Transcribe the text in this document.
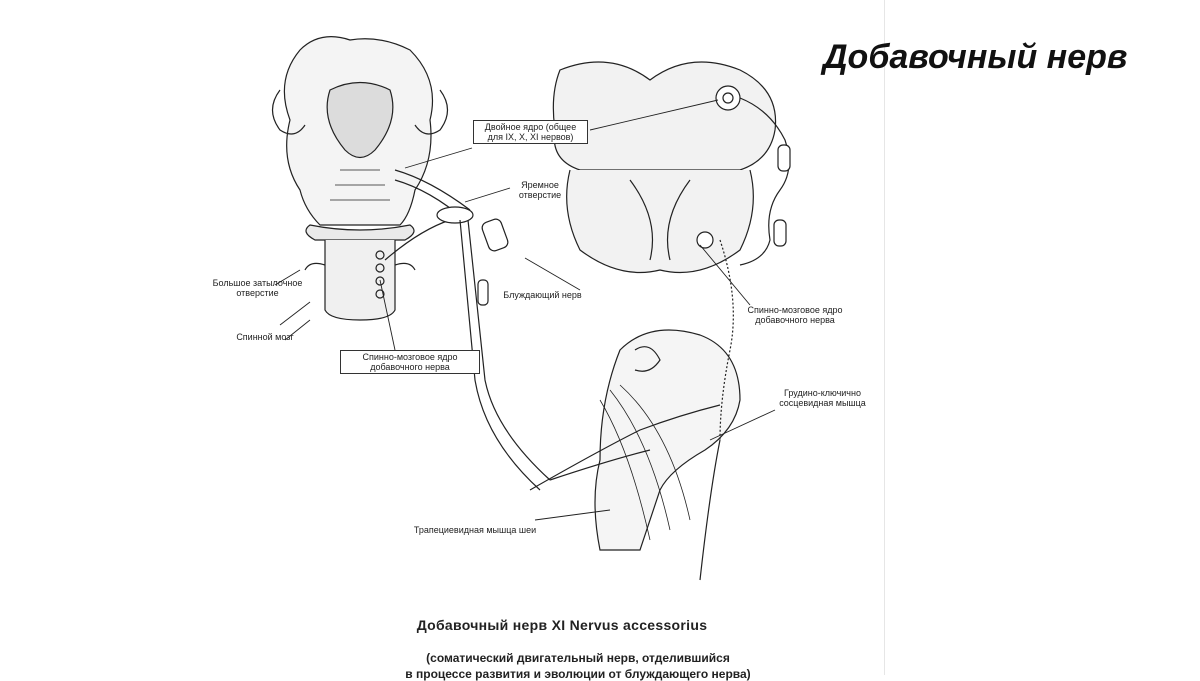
Добавочный нерв
Двойное ядро (общее для IX, X, XI нервов)
Яремное отверстие
Большое затылочное отверстие
Спинной мозг
Спинно-мозговое ядро добавочного нерва
Блуждающий нерв
Спинно-мозговое ядро добавочного нерва
Грудино-ключично сосцевидная мышца
Трапециевидная мышца шеи
Добавочный нерв XI Nervus accessorius
(соматический двигательный нерв, отделившийся
в процессе развития и эволюции от блуждающего нерва)
